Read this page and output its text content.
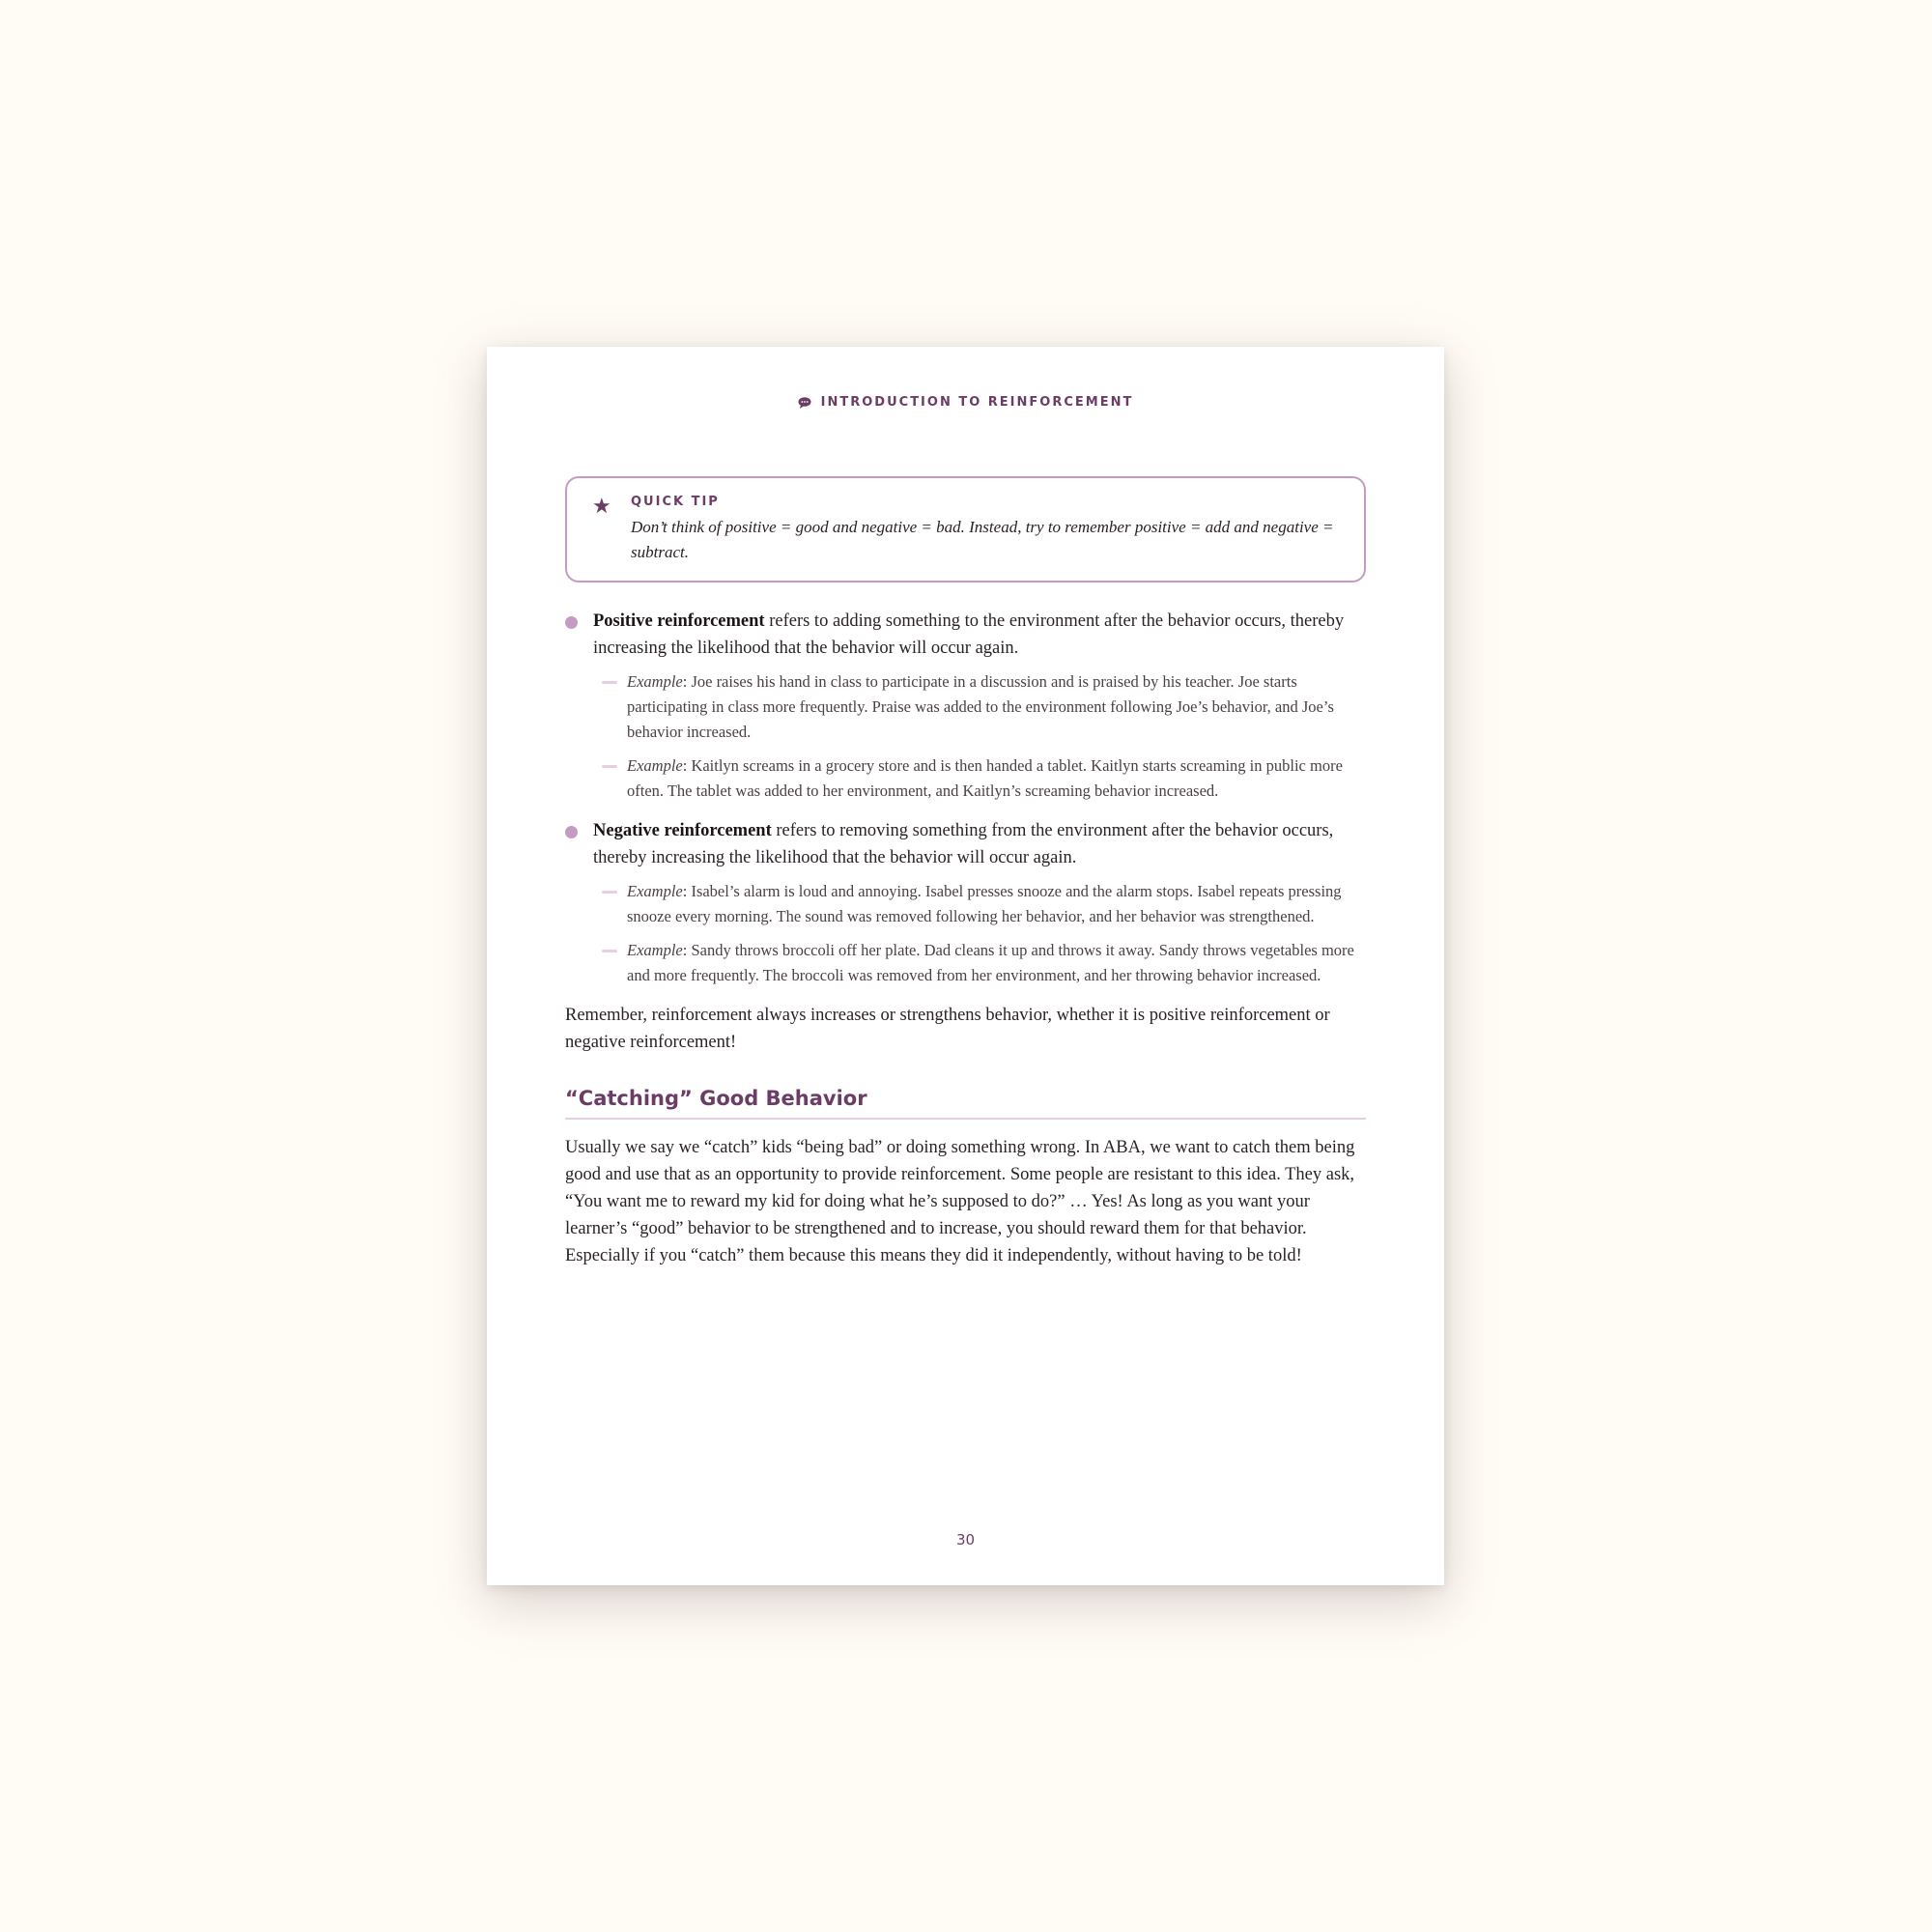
INTRODUCTION TO REINFORCEMENT
★ QUICK TIP
Don’t think of positive = good and negative = bad. Instead, try to remember positive = add and negative = subtract.
Positive reinforcement refers to adding something to the environment after the behavior occurs, thereby increasing the likelihood that the behavior will occur again.
Example: Joe raises his hand in class to participate in a discussion and is praised by his teacher. Joe starts participating in class more frequently. Praise was added to the environment following Joe’s behavior, and Joe’s behavior increased.
Example: Kaitlyn screams in a grocery store and is then handed a tablet. Kaitlyn starts screaming in public more often. The tablet was added to her environment, and Kaitlyn’s screaming behavior increased.
Negative reinforcement refers to removing something from the environment after the behavior occurs, thereby increasing the likelihood that the behavior will occur again.
Example: Isabel’s alarm is loud and annoying. Isabel presses snooze and the alarm stops. Isabel repeats pressing snooze every morning. The sound was removed following her behavior, and her behavior was strengthened.
Example: Sandy throws broccoli off her plate. Dad cleans it up and throws it away. Sandy throws vegetables more and more frequently. The broccoli was removed from her environment, and her throwing behavior increased.
Remember, reinforcement always increases or strengthens behavior, whether it is positive reinforcement or negative reinforcement!
“Catching” Good Behavior
Usually we say we “catch” kids “being bad” or doing something wrong. In ABA, we want to catch them being good and use that as an opportunity to provide reinforcement. Some people are resistant to this idea. They ask, “You want me to reward my kid for doing what he’s supposed to do?” … Yes! As long as you want your learner’s “good” behavior to be strengthened and to increase, you should reward them for that behavior. Especially if you “catch” them because this means they did it independently, without having to be told!
30
